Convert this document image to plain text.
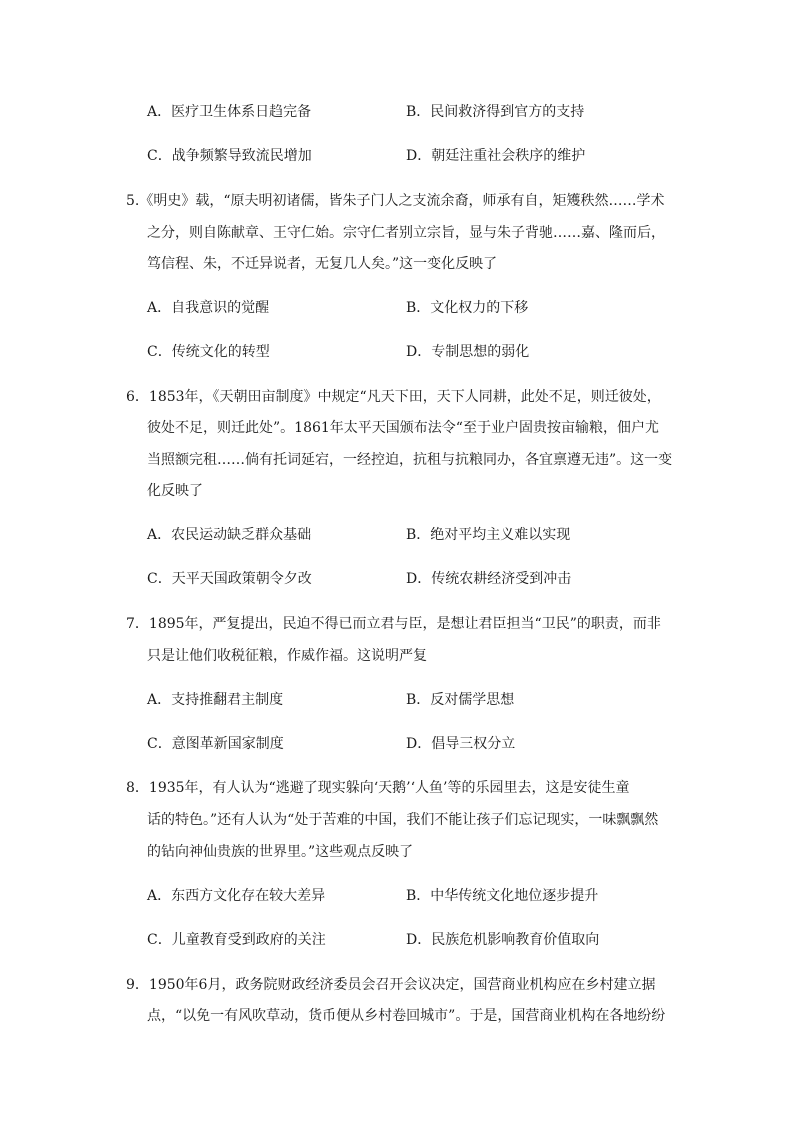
A．医疗卫生体系日趋完备	B．民间救济得到官方的支持
C．战争频繁导致流民增加	D．朝廷注重社会秩序的维护
5.《明史》载，“原夫明初诸儒，皆朱子门人之支流余裔，师承有自，矩矱秩然……学术
之分，则自陈献章、王守仁始。宗守仁者别立宗旨，显与朱子背驰……嘉、隆而后，
笃信程、朱，不迁异说者，无复几人矣。”这一变化反映了
A．自我意识的觉醒	B．文化权力的下移
C．传统文化的转型	D．专制思想的弱化
6．1853年，《天朝田亩制度》中规定“凡天下田，天下人同耕，此处不足，则迁彼处，
彼处不足，则迁此处”。1861年太平天国颁布法令“至于业户固贵按亩输粮，佃户尤
当照额完租……倘有托词延宕，一经控迫，抗租与抗粮同办，各宜禀遵无违”。这一变
化反映了
A．农民运动缺乏群众基础	B．绝对平均主义难以实现
C．天平天国政策朝令夕改	D．传统农耕经济受到冲击
7．1895年，严复提出，民迫不得已而立君与臣，是想让君臣担当“卫民”的职责，而非
只是让他们收税征粮，作威作福。这说明严复
A．支持推翻君主制度	B．反对儒学思想
C．意图革新国家制度	D．倡导三权分立
8．1935年，有人认为“逃避了现实躲向‘天鹅’‘人鱼’等的乐园里去，这是安徒生童
话的特色。”还有人认为“处于苦难的中国，我们不能让孩子们忘记现实，一味飘飘然
的钻向神仙贵族的世界里。”这些观点反映了
A．东西方文化存在较大差异	B．中华传统文化地位逐步提升
C．儿童教育受到政府的关注	D．民族危机影响教育价值取向
9．1950年6月，政务院财政经济委员会召开会议决定，国营商业机构应在乡村建立据
点，“以免一有风吹草动，货币便从乡村卷回城市”。于是，国营商业机构在各地纷纷
